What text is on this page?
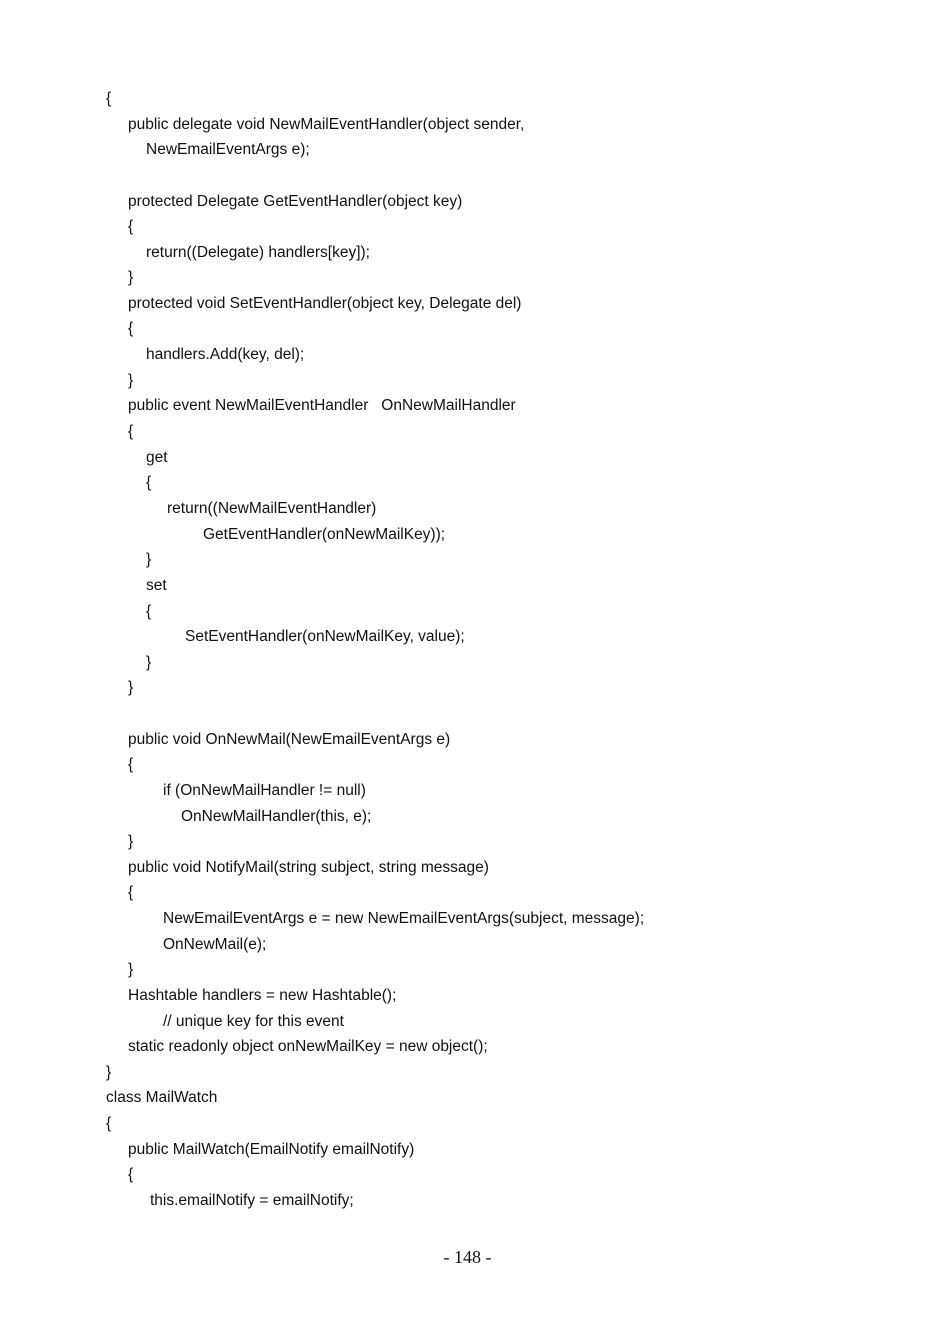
{
public delegate void NewMailEventHandler(object sender,
NewEmailEventArgs e);
protected Delegate GetEventHandler(object key)
{
return((Delegate) handlers[key]);
}
protected void SetEventHandler(object key, Delegate del)
{
handlers.Add(key, del);
}
public event NewMailEventHandler   OnNewMailHandler
{
get
{
return((NewMailEventHandler)
GetEventHandler(onNewMailKey));
}
set
{
SetEventHandler(onNewMailKey, value);
}
}
public void OnNewMail(NewEmailEventArgs e)
{
if (OnNewMailHandler != null)
OnNewMailHandler(this, e);
}
public void NotifyMail(string subject, string message)
{
NewEmailEventArgs e = new NewEmailEventArgs(subject, message);
OnNewMail(e);
}
Hashtable handlers = new Hashtable();
// unique key for this event
static readonly object onNewMailKey = new object();
}
class MailWatch
{
public MailWatch(EmailNotify emailNotify)
{
this.emailNotify = emailNotify;
- 148 -
